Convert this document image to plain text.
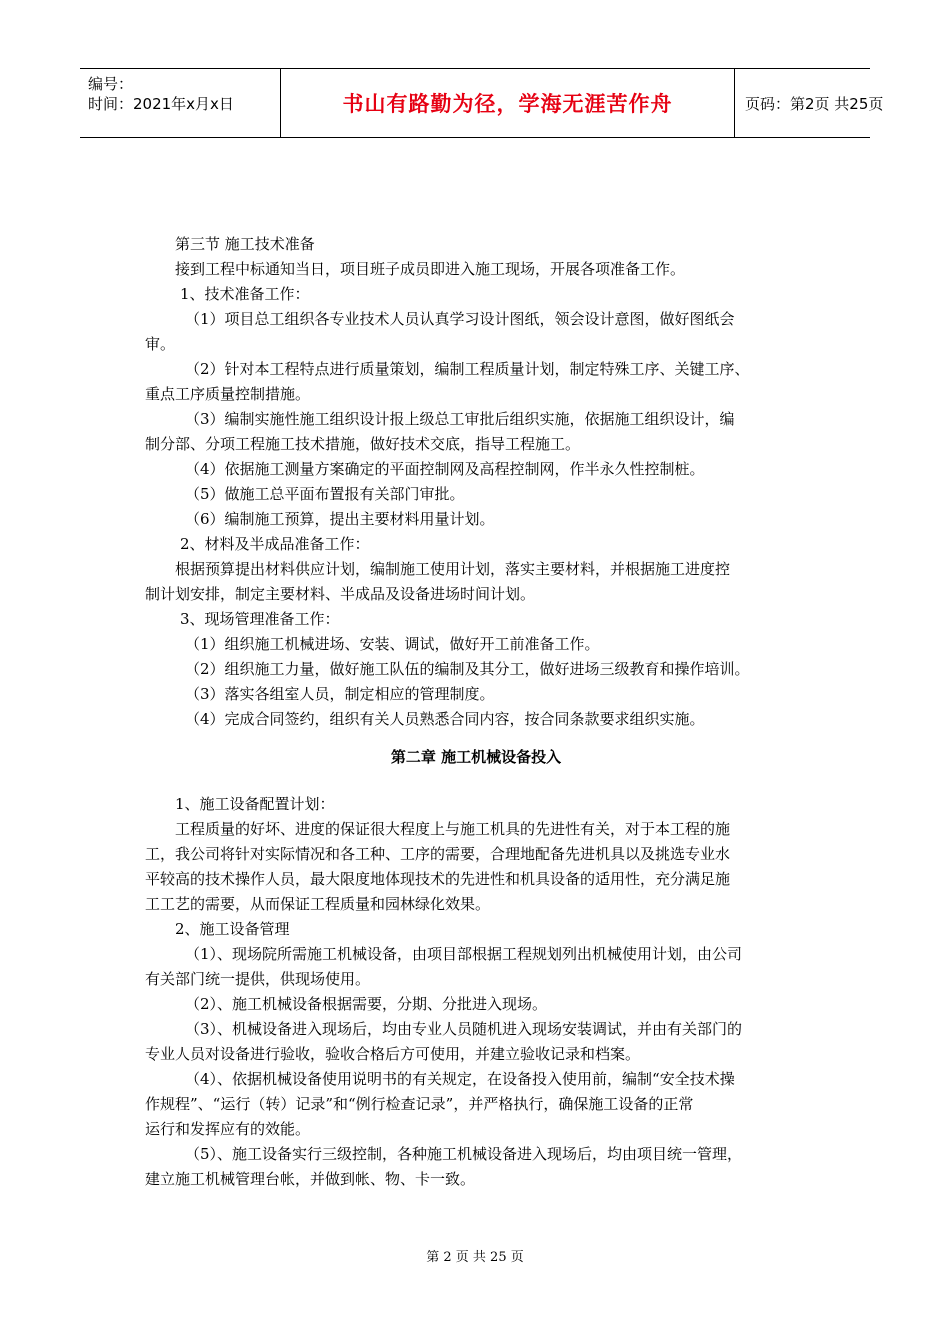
编号：
时间：2021年x月x日	书山有路勤为径，学海无涯苦作舟	页码：第2页 共25页

第三节 施工技术准备

接到工程中标通知当日，项目班子成员即进入施工现场，开展各项准备工作。

1、技术准备工作：

（1）项目总工组织各专业技术人员认真学习设计图纸，领会设计意图，做好图纸会

审。

（2）针对本工程特点进行质量策划，编制工程质量计划，制定特殊工序、关键工序、

重点工序质量控制措施。

（3）编制实施性施工组织设计报上级总工审批后组织实施，依据施工组织设计，编

制分部、分项工程施工技术措施，做好技术交底，指导工程施工。

（4）依据施工测量方案确定的平面控制网及高程控制网，作半永久性控制桩。

（5）做施工总平面布置报有关部门审批。

（6）编制施工预算，提出主要材料用量计划。

2、材料及半成品准备工作：

根据预算提出材料供应计划，编制施工使用计划，落实主要材料，并根据施工进度控

制计划安排，制定主要材料、半成品及设备进场时间计划。

3、现场管理准备工作：

（1）组织施工机械进场、安装、调试，做好开工前准备工作。

（2）组织施工力量，做好施工队伍的编制及其分工，做好进场三级教育和操作培训。

（3）落实各组室人员，制定相应的管理制度。

（4）完成合同签约，组织有关人员熟悉合同内容，按合同条款要求组织实施。

第二章 施工机械设备投入

1、施工设备配置计划：

工程质量的好坏、进度的保证很大程度上与施工机具的先进性有关，对于本工程的施

工，我公司将针对实际情况和各工种、工序的需要，合理地配备先进机具以及挑选专业水

平较高的技术操作人员，最大限度地体现技术的先进性和机具设备的适用性，充分满足施

工工艺的需要，从而保证工程质量和园林绿化效果。

2、施工设备管理

（1）、现场院所需施工机械设备，由项目部根据工程规划列出机械使用计划，由公司

有关部门统一提供，供现场使用。

（2）、施工机械设备根据需要，分期、分批进入现场。

（3）、机械设备进入现场后，均由专业人员随机进入现场安装调试，并由有关部门的

专业人员对设备进行验收，验收合格后方可使用，并建立验收记录和档案。

（4）、依据机械设备使用说明书的有关规定，在设备投入使用前，编制“安全技术操

作规程”、“运行（转）记录”和“例行检查记录”，并严格执行，确保施工设备的正常

运行和发挥应有的效能。

（5）、施工设备实行三级控制，各种施工机械设备进入现场后，均由项目统一管理，

建立施工机械管理台帐，并做到帐、物、卡一致。

第 2 页 共 25 页
